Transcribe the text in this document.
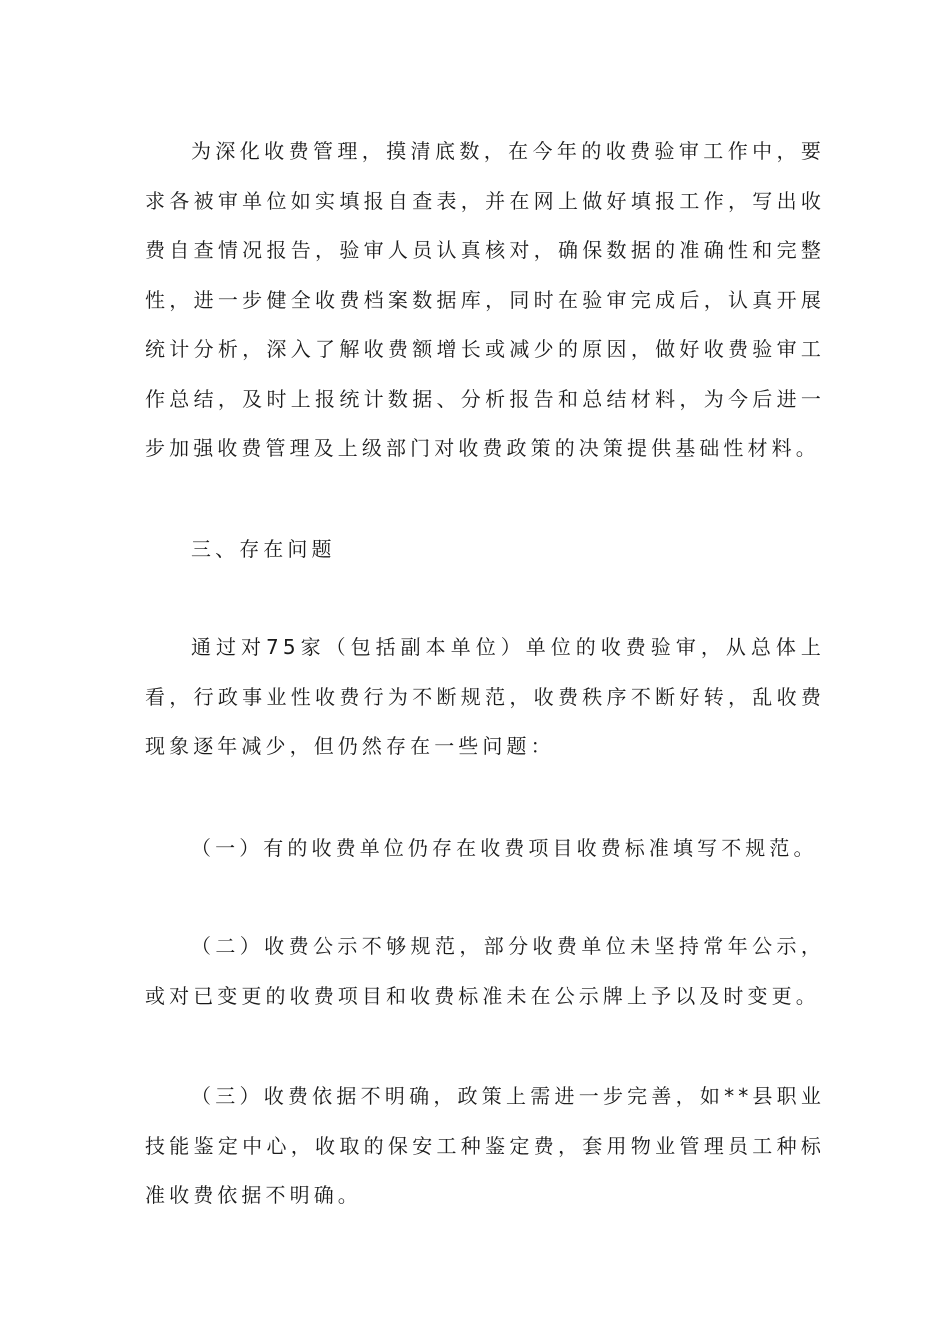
为深化收费管理，摸清底数，在今年的收费验审工作中，要求各被审单位如实填报自查表，并在网上做好填报工作，写出收费自查情况报告，验审人员认真核对，确保数据的准确性和完整性，进一步健全收费档案数据库，同时在验审完成后，认真开展统计分析，深入了解收费额增长或减少的原因，做好收费验审工作总结，及时上报统计数据、分析报告和总结材料，为今后进一步加强收费管理及上级部门对收费政策的决策提供基础性材料。

三、存在问题

通过对75家（包括副本单位）单位的收费验审，从总体上看，行政事业性收费行为不断规范，收费秩序不断好转，乱收费现象逐年减少，但仍然存在一些问题：

（一）有的收费单位仍存在收费项目收费标准填写不规范。

（二）收费公示不够规范，部分收费单位未坚持常年公示，或对已变更的收费项目和收费标准未在公示牌上予以及时变更。

（三）收费依据不明确，政策上需进一步完善，如**县职业技能鉴定中心，收取的保安工种鉴定费，套用物业管理员工种标准收费依据不明确。
